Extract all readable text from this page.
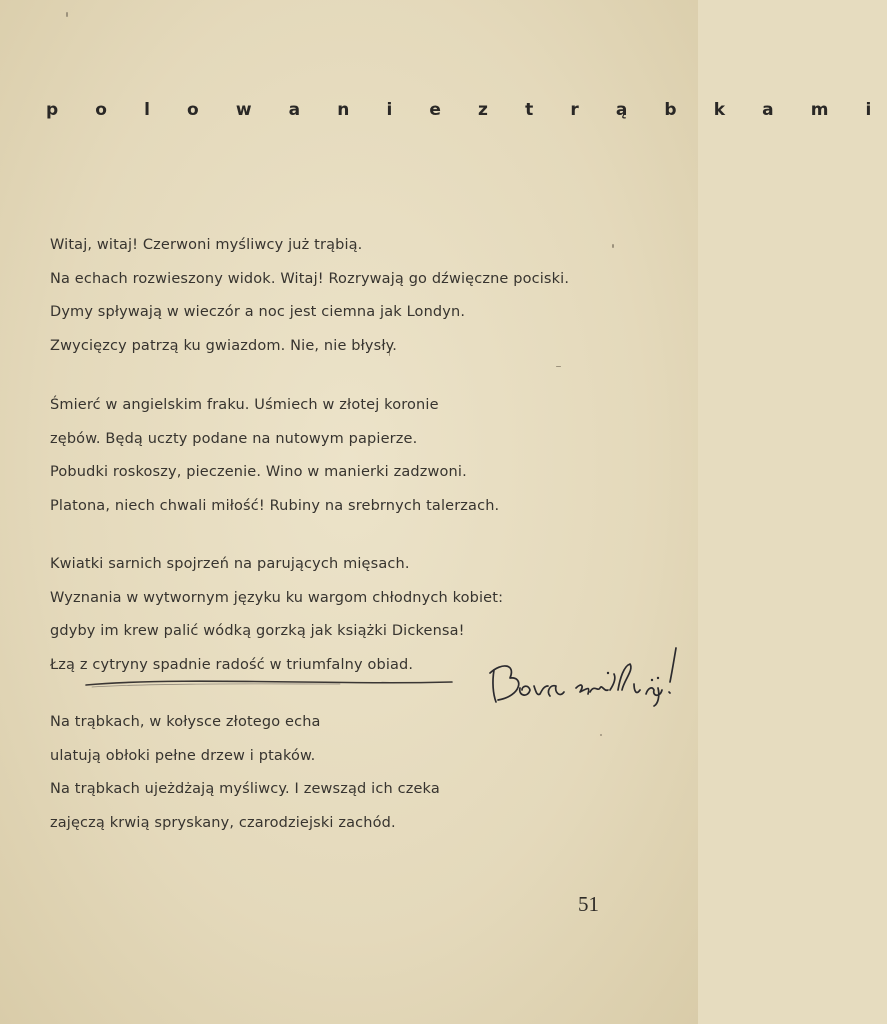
p o l o w a n i e z t r ą b k a m i
Witaj, witaj! Czerwoni myśliwcy już trąbią.
Na echach rozwieszony widok. Witaj! Rozrywają go dźwięczne pociski.
Dymy spływają w wieczór a noc jest ciemna jak Londyn.
Zwycięzcy patrzą ku gwiazdom. Nie, nie błysły.
Śmierć w angielskim fraku. Uśmiech w złotej koronie
zębów. Będą uczty podane na nutowym papierze.
Pobudki roskoszy, pieczenie. Wino w manierki zadzwoni.
Platona, niech chwali miłość! Rubiny na srebrnych talerzach.
Kwiatki sarnich spojrzeń na parujących mięsach.
Wyznania w wytwornym języku ku wargom chłodnych kobiet:
gdyby im krew palić wódką gorzką jak książki Dickensa!
Łzą z cytryny spadnie radość w triumfalny obiad.
Na trąbkach, w kołysce złotego echa
ulatują obłoki pełne drzew i ptaków.
Na trąbkach ujeżdżają myśliwcy. I zewsząd ich czeka
zajęczą krwią spryskany, czarodziejski zachód.
51
